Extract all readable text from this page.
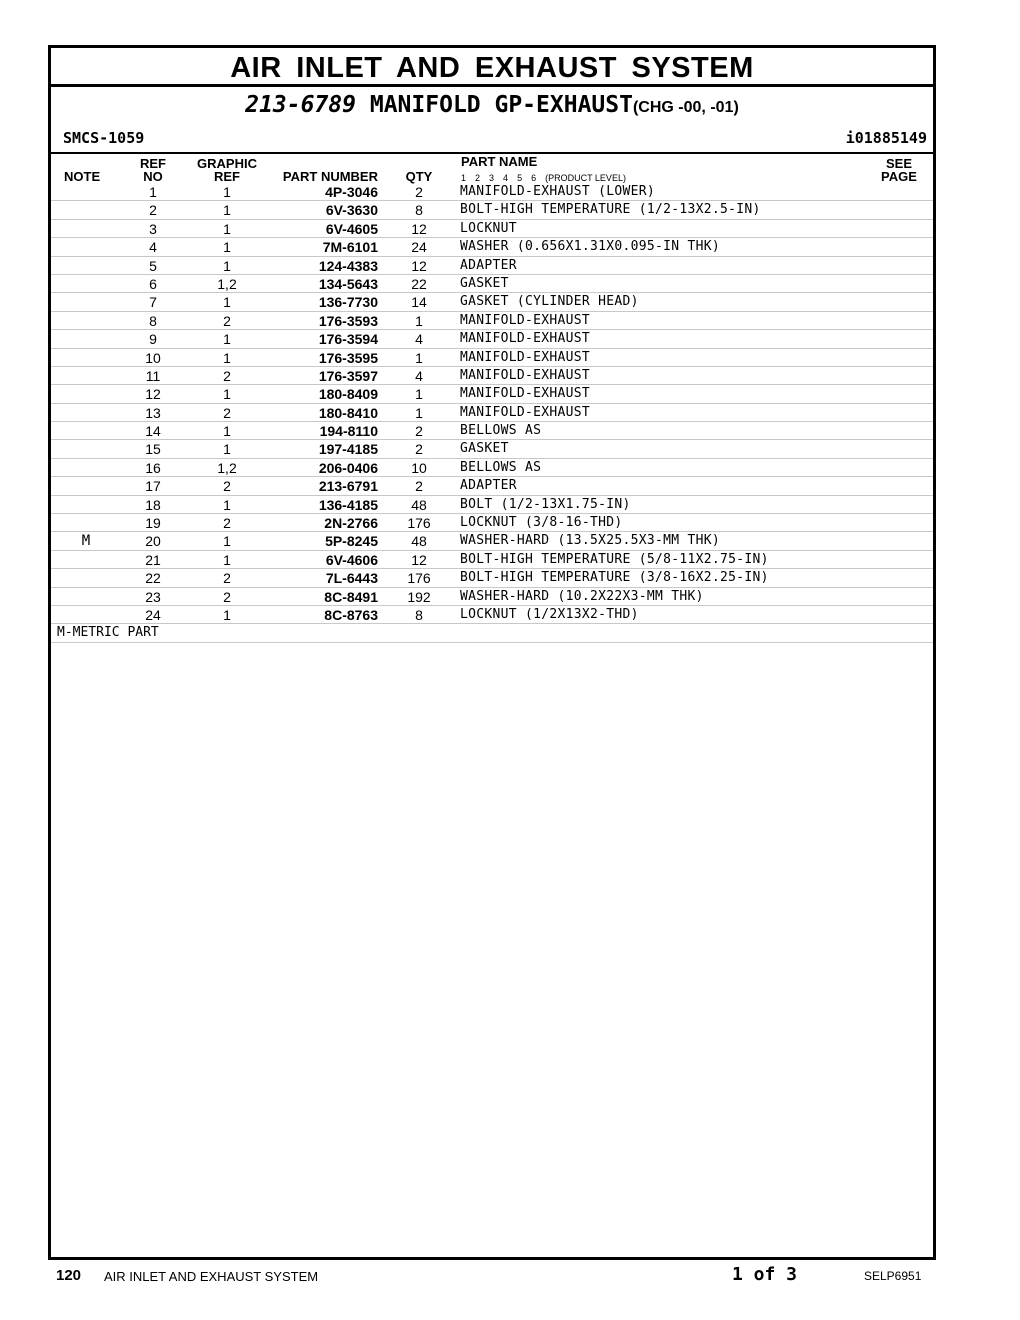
AIR INLET AND EXHAUST SYSTEM
213-6789 MANIFOLD GP-EXHAUST(CHG -00, -01)
SMCS-1059	i01885149
NOTE
REF
NO
GRAPHIC
REF	PART NUMBER	QTY
PART NAME
1 2 3 4 5 6 (PRODUCT LEVEL)
SEE
PAGE
1	1	4P-3046	2	MANIFOLD-EXHAUST (LOWER)
2	1	6V-3630	8	BOLT-HIGH TEMPERATURE (1/2-13X2.5-IN)
3	1	6V-4605	12	LOCKNUT
4	1	7M-6101	24	WASHER (0.656X1.31X0.095-IN THK)
5	1	124-4383	12	ADAPTER
6	1,2	134-5643	22	GASKET
7	1	136-7730	14	GASKET (CYLINDER HEAD)
8	2	176-3593	1	MANIFOLD-EXHAUST
9	1	176-3594	4	MANIFOLD-EXHAUST
10	1	176-3595	1	MANIFOLD-EXHAUST
11	2	176-3597	4	MANIFOLD-EXHAUST
12	1	180-8409	1	MANIFOLD-EXHAUST
13	2	180-8410	1	MANIFOLD-EXHAUST
14	1	194-8110	2	BELLOWS AS
15	1	197-4185	2	GASKET
16	1,2	206-0406	10	BELLOWS AS
17	2	213-6791	2	ADAPTER
18	1	136-4185	48	BOLT (1/2-13X1.75-IN)
19	2	2N-2766	176	LOCKNUT (3/8-16-THD)
M	20	1	5P-8245	48	WASHER-HARD (13.5X25.5X3-MM THK)
21	1	6V-4606	12	BOLT-HIGH TEMPERATURE (5/8-11X2.75-IN)
22	2	7L-6443	176	BOLT-HIGH TEMPERATURE (3/8-16X2.25-IN)
23	2	8C-8491	192	WASHER-HARD (10.2X22X3-MM THK)
24	1	8C-8763	8	LOCKNUT (1/2X13X2-THD)
M-METRIC PART
120 AIR INLET AND EXHAUST SYSTEM	1 of 3	SELP6951
